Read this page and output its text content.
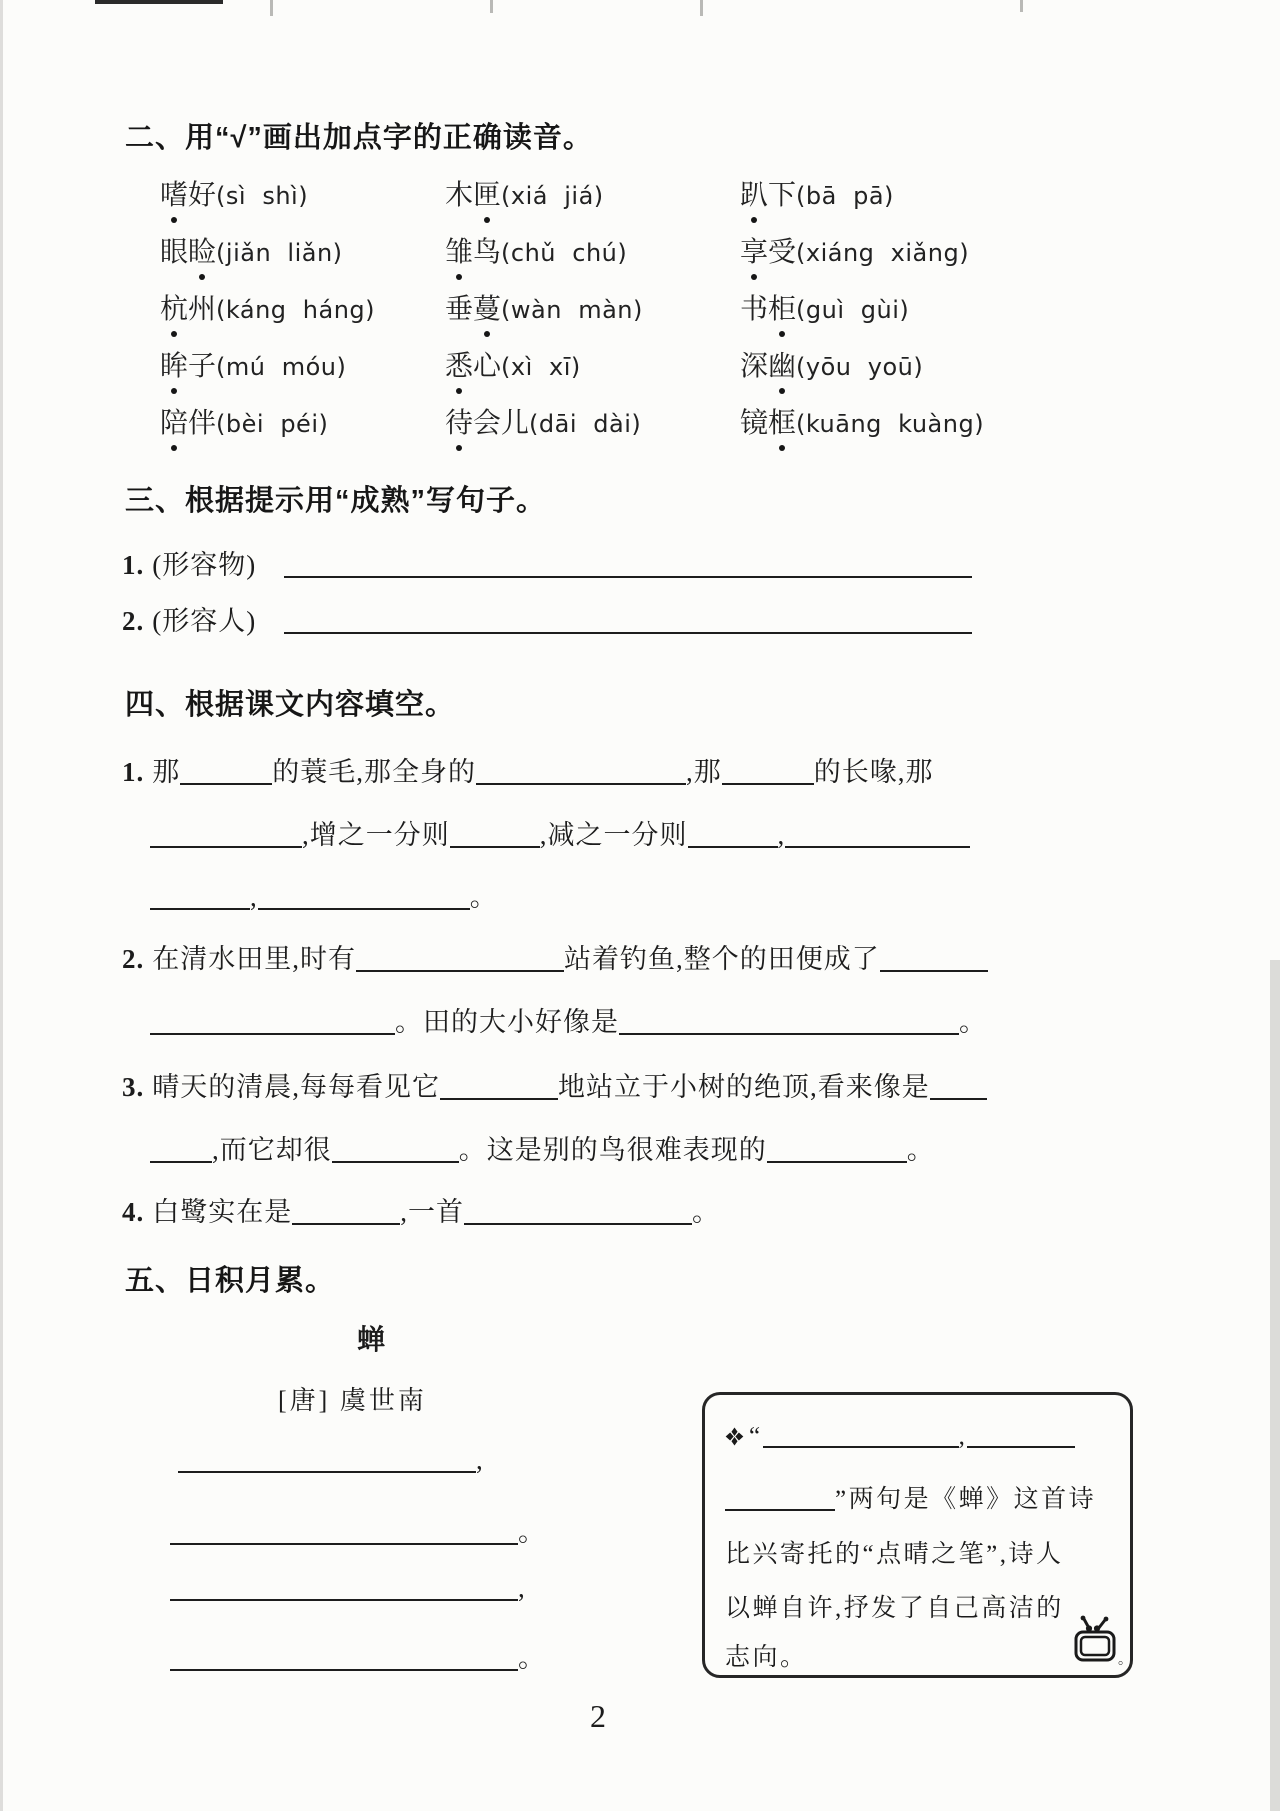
二、用“√”画出加点字的正确读音。
嗜好(sì  shì)	木匣(xiá  jiá)	趴下(bā  pā)
眼睑(jiǎn  liǎn)	雏鸟(chǔ  chú)	享受(xiáng  xiǎng)
杭州(káng  háng) 垂蔓(wàn  màn)	书柜(guì  gùi)
眸子(mú  móu)	悉心(xì  xī)	深幽(yōu  yoū)
陪伴(bèi  péi)	待会儿(dāi  dài)	镜框(kuāng  kuàng)
三、根据提示用“成熟”写句子。
1. (形容物)
2. (形容人)
四、根据课文内容填空。
1. 那	的蓑毛,那全身的	,那	的长喙,那
,增之一分则	,减之一分则	,
,	。
2. 在清水田里,时有	站着钓鱼,整个的田便成了
。田的大小好像是	。
3. 晴天的清晨,每每看见它	地站立于小树的绝顶,看来像是
,而它却很	。这是别的鸟很难表现的	。
4. 白鹭实在是	,一首	。
五、日积月累。
蝉
[唐] 虞世南
,
。
,
。
“	,
”两句是《蝉》这首诗
比兴寄托的“点晴之笔”,诗人
以蝉自许,抒发了自己高洁的
志向。	。
2
